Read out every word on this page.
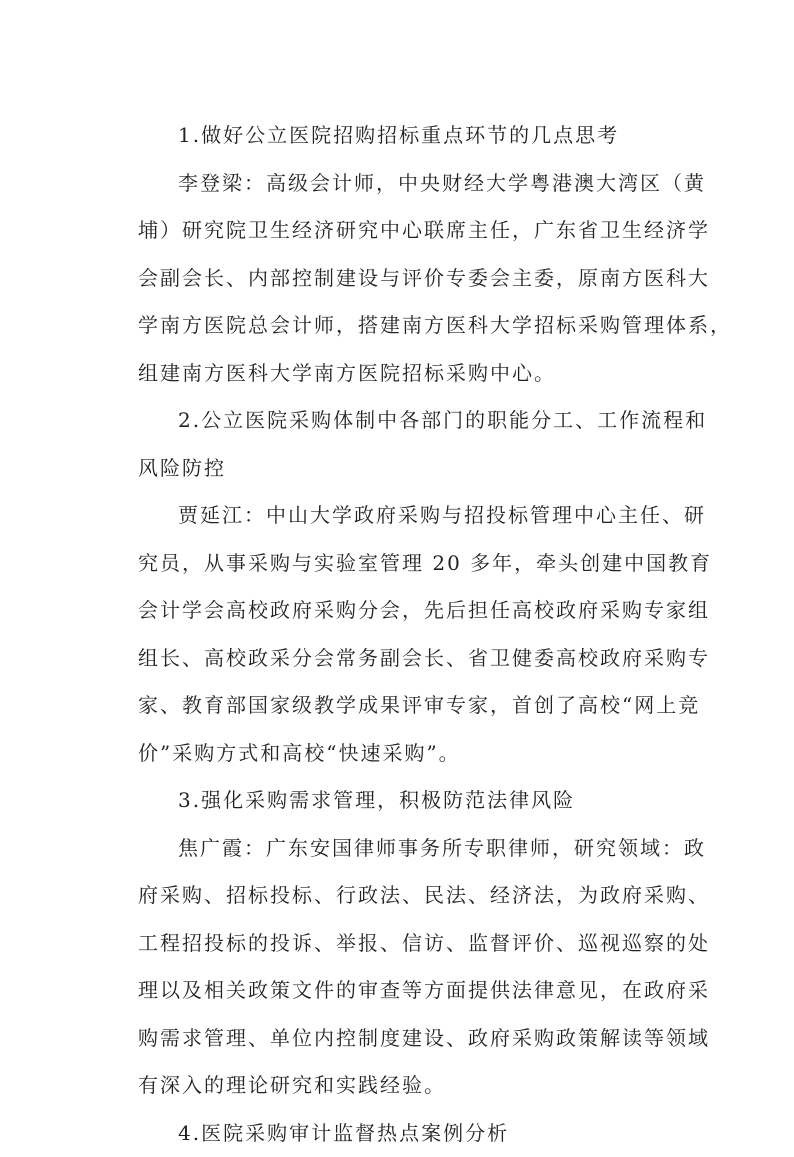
1.做好公立医院招购招标重点环节的几点思考
李登梁：高级会计师，中央财经大学粤港澳大湾区（黄
埔）研究院卫生经济研究中心联席主任，广东省卫生经济学
会副会长、内部控制建设与评价专委会主委，原南方医科大
学南方医院总会计师，搭建南方医科大学招标采购管理体系，
组建南方医科大学南方医院招标采购中心。
2.公立医院采购体制中各部门的职能分工、工作流程和
风险防控
贾延江：中山大学政府采购与招投标管理中心主任、研
究员，从事采购与实验室管理 20 多年，牵头创建中国教育
会计学会高校政府采购分会，先后担任高校政府采购专家组
组长、高校政采分会常务副会长、省卫健委高校政府采购专
家、教育部国家级教学成果评审专家，首创了高校“网上竞
价”采购方式和高校“快速采购”。
3.强化采购需求管理，积极防范法律风险
焦广霞：广东安国律师事务所专职律师，研究领域：政
府采购、招标投标、行政法、民法、经济法，为政府采购、
工程招投标的投诉、举报、信访、监督评价、巡视巡察的处
理以及相关政策文件的审查等方面提供法律意见，在政府采
购需求管理、单位内控制度建设、政府采购政策解读等领域
有深入的理论研究和实践经验。
4.医院采购审计监督热点案例分析
